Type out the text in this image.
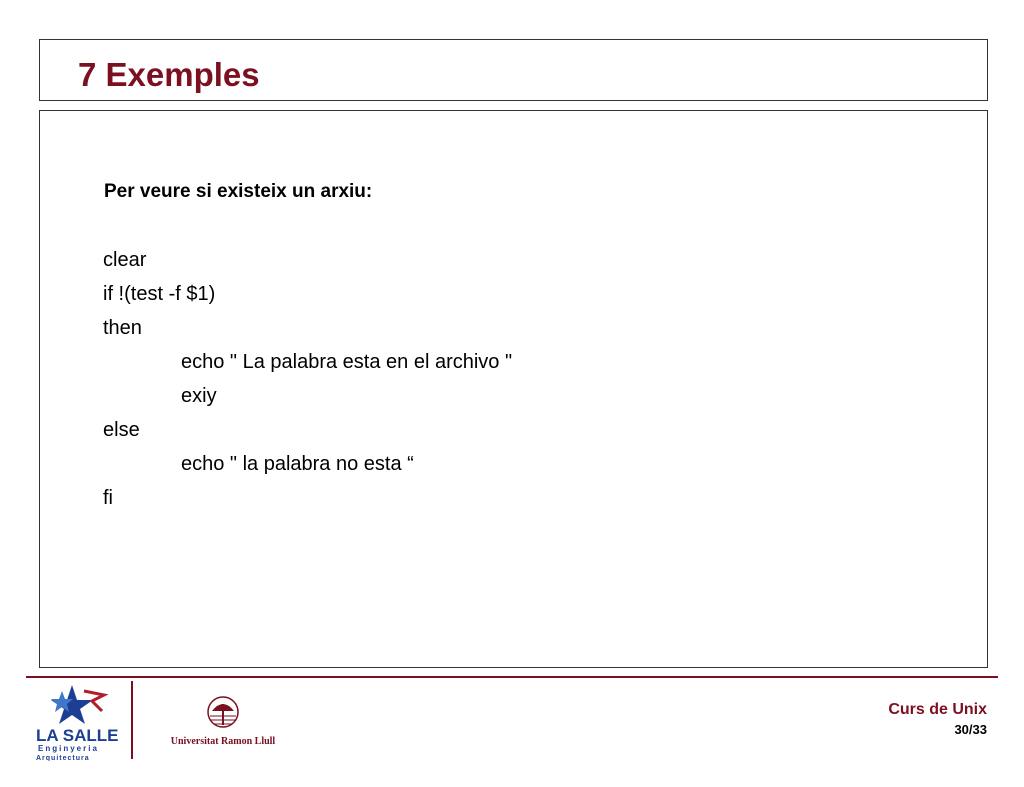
7 Exemples
Per veure si existeix un arxiu:
clear
if !(test -f $1)
then
echo " La palabra esta en el archivo "
exiy
else
echo " la palabra no esta “
fi
LA SALLE
Enginyeria
Arquitectura
Universitat Ramon Llull
Curs de Unix
30/33
